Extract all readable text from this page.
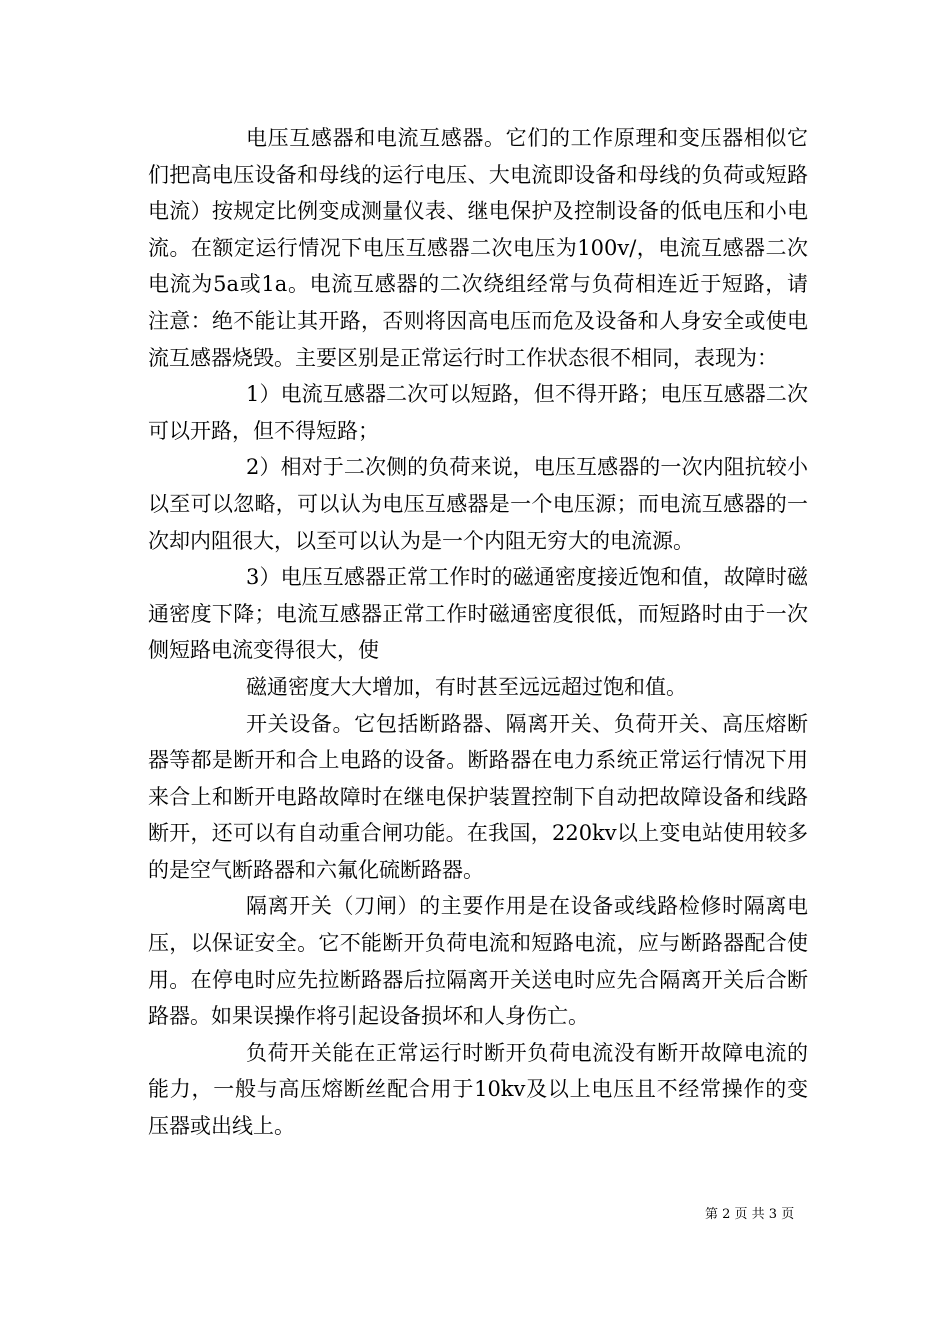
电压互感器和电流互感器。它们的工作原理和变压器相似它们把高电压设备和母线的运行电压、大电流即设备和母线的负荷或短路电流）按规定比例变成测量仪表、继电保护及控制设备的低电压和小电流。在额定运行情况下电压互感器二次电压为100v/，电流互感器二次电流为5a或1a。电流互感器的二次绕组经常与负荷相连近于短路，请注意：绝不能让其开路，否则将因高电压而危及设备和人身安全或使电流互感器烧毁。主要区别是正常运行时工作状态很不相同，表现为：

1）电流互感器二次可以短路，但不得开路；电压互感器二次可以开路，但不得短路；

2）相对于二次侧的负荷来说，电压互感器的一次内阻抗较小以至可以忽略，可以认为电压互感器是一个电压源；而电流互感器的一次却内阻很大，以至可以认为是一个内阻无穷大的电流源。

3）电压互感器正常工作时的磁通密度接近饱和值，故障时磁通密度下降；电流互感器正常工作时磁通密度很低，而短路时由于一次侧短路电流变得很大，使

磁通密度大大增加，有时甚至远远超过饱和值。

开关设备。它包括断路器、隔离开关、负荷开关、高压熔断器等都是断开和合上电路的设备。断路器在电力系统正常运行情况下用来合上和断开电路故障时在继电保护装置控制下自动把故障设备和线路断开，还可以有自动重合闸功能。在我国，220kv以上变电站使用较多的是空气断路器和六氟化硫断路器。

隔离开关（刀闸）的主要作用是在设备或线路检修时隔离电压，以保证安全。它不能断开负荷电流和短路电流，应与断路器配合使用。在停电时应先拉断路器后拉隔离开关送电时应先合隔离开关后合断路器。如果误操作将引起设备损坏和人身伤亡。

负荷开关能在正常运行时断开负荷电流没有断开故障电流的能力，一般与高压熔断丝配合用于10kv及以上电压且不经常操作的变压器或出线上。

第 2 页 共 3 页
